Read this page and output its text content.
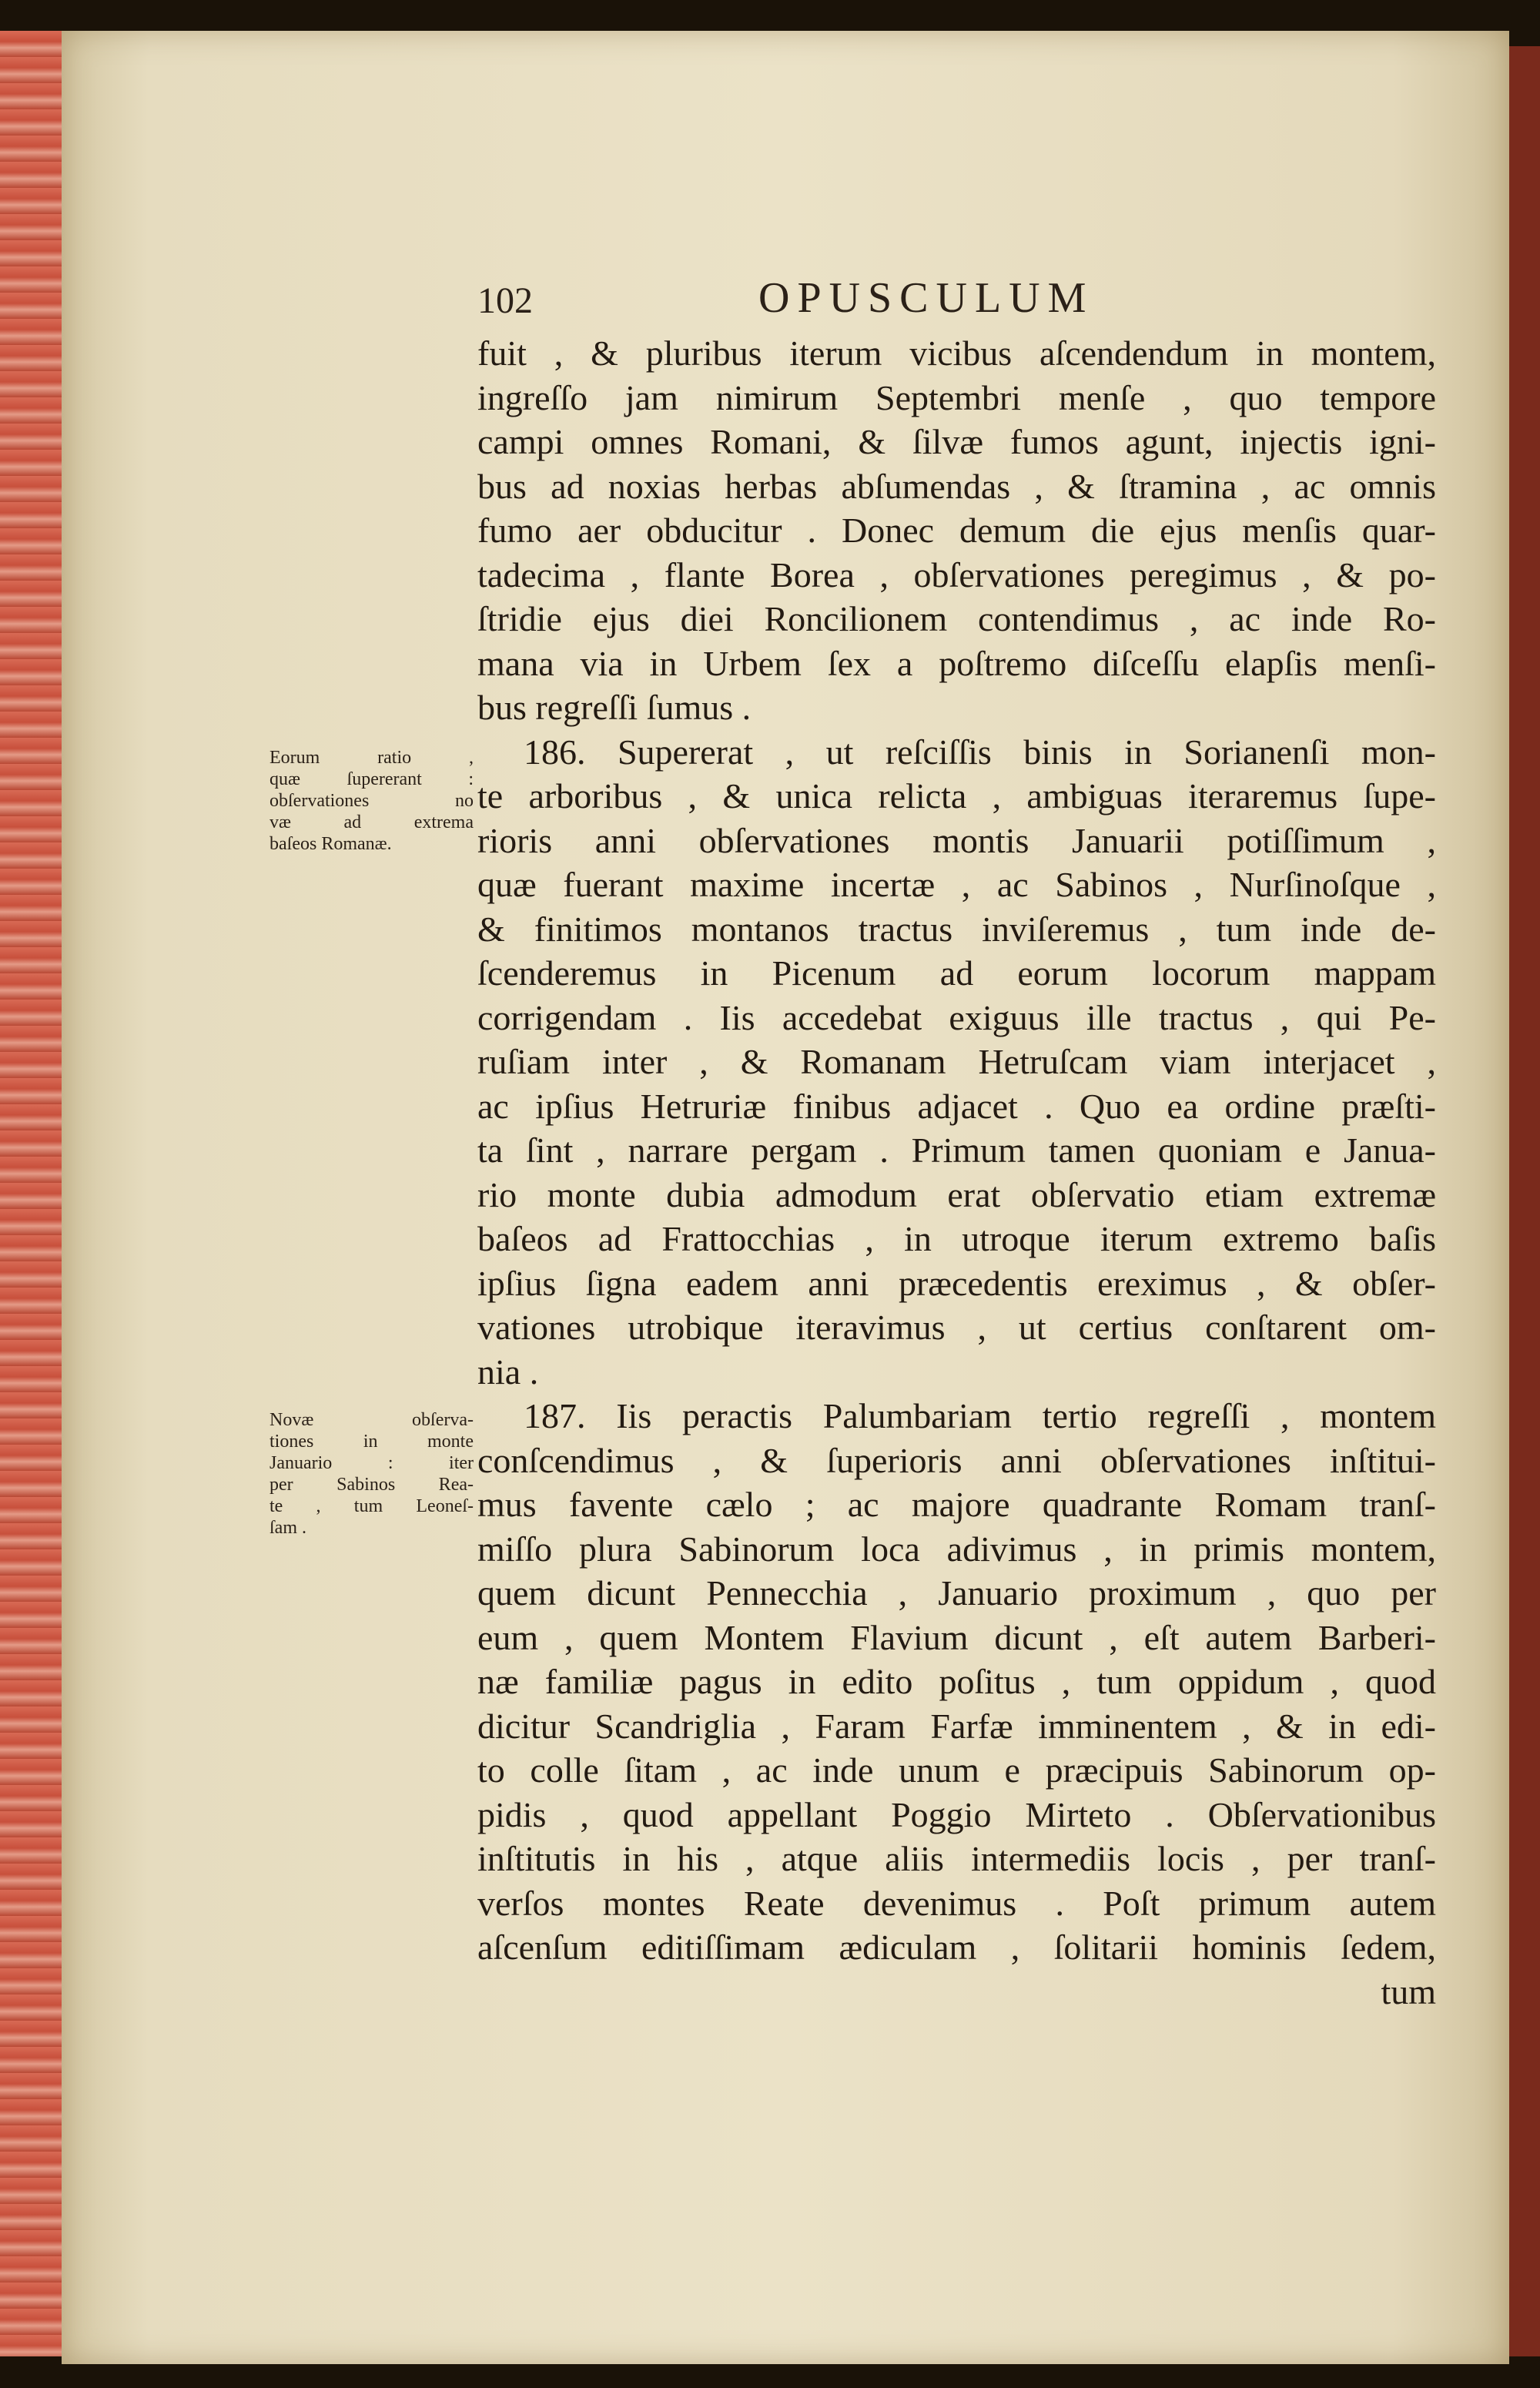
102	OPUSCULUM
Eorum ratio ,
quæ ſupererant :
obſervationes no
væ ad extrema
baſeos Romanæ.
Novæ obſerva-
tiones in monte
Januario : iter
per Sabinos Rea-
te , tum Leoneſ-
ſam .
fuit , & pluribus iterum vicibus aſcendendum in montem,
ingreſſo jam nimirum Septembri menſe , quo tempore
campi omnes Romani, & ſilvæ fumos agunt, injectis igni-
bus ad noxias herbas abſumendas , & ſtramina , ac omnis
fumo aer obducitur . Donec demum die ejus menſis quar-
tadecima , flante Borea , obſervationes peregimus , & po-
ſtridie ejus diei Roncilionem contendimus , ac inde Ro-
mana via in Urbem ſex a poſtremo diſceſſu elapſis menſi-
bus regreſſi ſumus .
186. Supererat , ut reſciſſis binis in Sorianenſi mon-
te arboribus , & unica relicta , ambiguas iteraremus ſupe-
rioris anni obſervationes montis Januarii potiſſimum ,
quæ fuerant maxime incertæ , ac Sabinos , Nurſinoſque ,
& finitimos montanos tractus inviſeremus , tum inde de-
ſcenderemus in Picenum ad eorum locorum mappam
corrigendam . Iis accedebat exiguus ille tractus , qui Pe-
ruſiam inter , & Romanam Hetruſcam viam interjacet ,
ac ipſius Hetruriæ finibus adjacet . Quo ea ordine præſti-
ta ſint , narrare pergam . Primum tamen quoniam e Janua-
rio monte dubia admodum erat obſervatio etiam extremæ
baſeos ad Frattocchias , in utroque iterum extremo baſis
ipſius ſigna eadem anni præcedentis ereximus , & obſer-
vationes utrobique iteravimus , ut certius conſtarent om-
nia .
187. Iis peractis Palumbariam tertio regreſſi , montem
conſcendimus , & ſuperioris anni obſervationes inſtitui-
mus favente cælo ; ac majore quadrante Romam tranſ-
miſſo plura Sabinorum loca adivimus , in primis montem,
quem dicunt Pennecchia , Januario proximum , quo per
eum , quem Montem Flavium dicunt , eſt autem Barberi-
næ familiæ pagus in edito poſitus , tum oppidum , quod
dicitur Scandriglia , Faram Farfæ imminentem , & in edi-
to colle ſitam , ac inde unum e præcipuis Sabinorum op-
pidis , quod appellant Poggio Mirteto . Obſervationibus
inſtitutis in his , atque aliis intermediis locis , per tranſ-
verſos montes Reate devenimus . Poſt primum autem
aſcenſum editiſſimam ædiculam , ſolitarii hominis ſedem,
tum
